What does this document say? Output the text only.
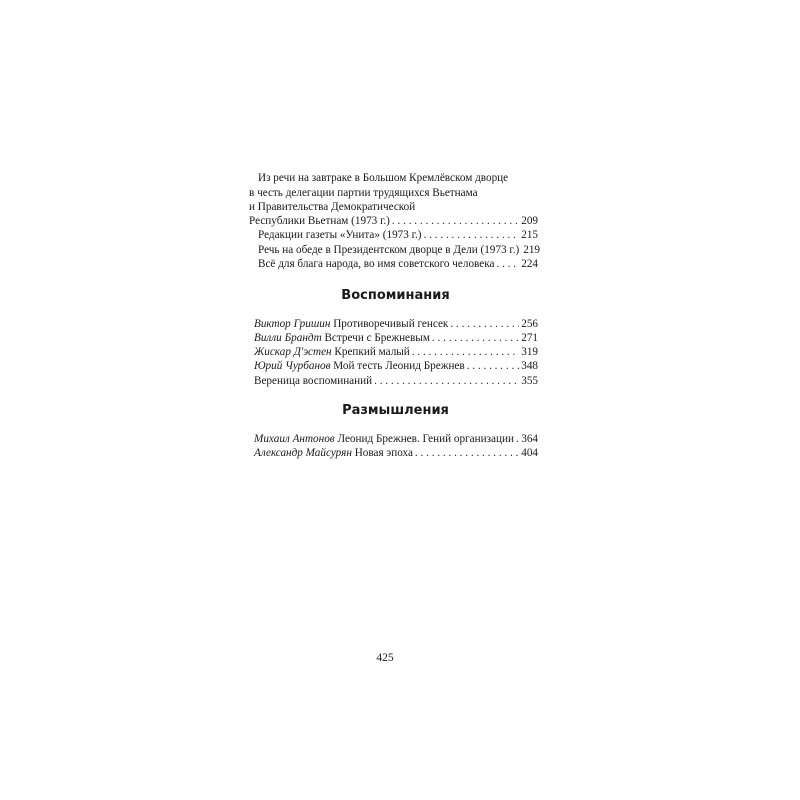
Из речи на завтраке в Большом Кремлёвском дворце
в честь делегации партии трудящихся Вьетнама
и Правительства Демократической
Республики Вьетнам (1973 г.) . . .	209
Редакции газеты «Унита» (1973 г.) . . .	215
Речь на обеде в Президентском дворце в Дели (1973 г.) 219
Всё для блага народа, во имя советского человека . . . 224
Воспоминания
Виктор Гришин Противоречивый генсек . . .	256
Вилли Брандт Встречи с Брежневым . . .	271
Жискар Д'эстен Крепкий малый . . .	319
Юрий Чурбанов Мой тесть Леонид Брежнев . . .	348
Вереница воспоминаний . . .	355
Размышления
Михаил Антонов Леонид Брежнев. Гений организации . . . 364
Александр Майсурян Новая эпоха . . .	404
425
